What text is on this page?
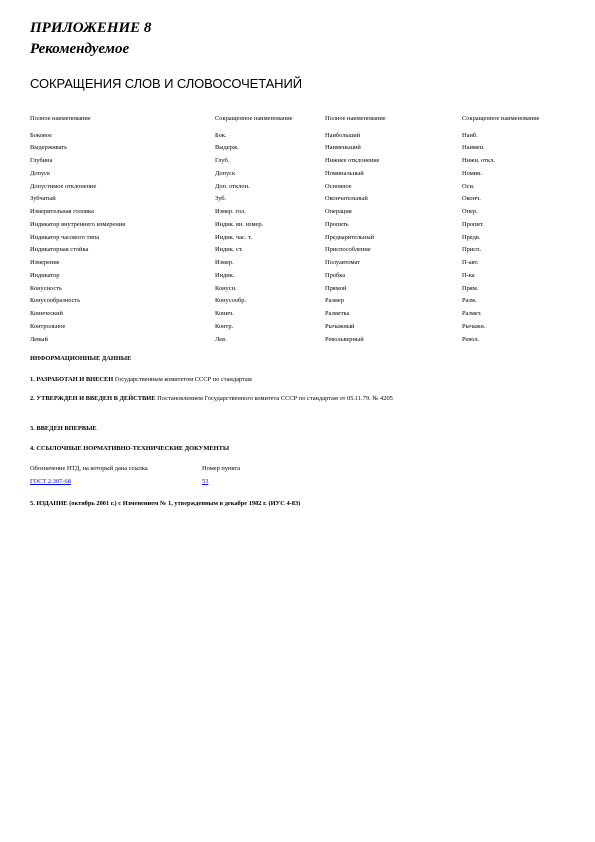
ПРИЛОЖЕНИЕ 8
Рекомендуемое
СОКРАЩЕНИЯ СЛОВ И СЛОВОСОЧЕТАНИЙ
Полное наименование	Сокращенное наименование	Полное наименование	Сокращенное наименование
Боковое	Бок.	Наибольший	Наиб.
Выдерживать	Выдерж.	Наименьший	Наимен.
Глубина	Глуб.	Нижнее отклонение	Нижн. откл.
Допуск	Допуск	Номинальный	Номин.
Допустимое отклонение	Доп. отклон.	Основное	Осн.
Зубчатый	Зуб.	Окончательный	Оконч.
Измерительная головка	Измер. гол.	Операция	Опер.
Индикатор внутреннего измерения	Индик. вн. измер.	Пропить	Пропит.
Индикатор часового типа	Индик. час. т.	Предварительный	Предв.
Индикаторная стойка	Индик. ст.	Приспособление	Присп.
Измерение	Измер.	Полуавтомат	П-авт.
Индикатор	Индик.	Пробка	П-ка
Конусность	Конусн.	Прямой	Прям.
Конусообразность	Конусообр.	Размер	Разм.
Конический	Конич.	Разметка	Размет.
Контрольное	Контр.	Рычажный	Рычажн.
Левый	Лев.	Револьверный	Револ.

ИНФОРМАЦИОННЫЕ ДАННЫЕ

1. РАЗРАБОТАН И ВНЕСЕН Государственным комитетом СССР по стандартам

2. УТВЕРЖДЕН И ВВЕДЕН В ДЕЙСТВИЕ Постановлением Государственного комитета СССР по стандартам от 05.11.79. № 4205

3. ВВЕДЕН ВПЕРВЫЕ

4. ССЫЛОЧНЫЕ НОРМАТИВНО-ТЕХНИЧЕСКИЕ ДОКУМЕНТЫ

Обозначение НТД, на который дана ссылка	Номер пункта
ГОСТ 2.307-68	53

5. ИЗДАНИЕ (октябрь 2001 г.) с Изменением № 1, утвержденным в декабре 1982 г. (ИУС 4-83)
